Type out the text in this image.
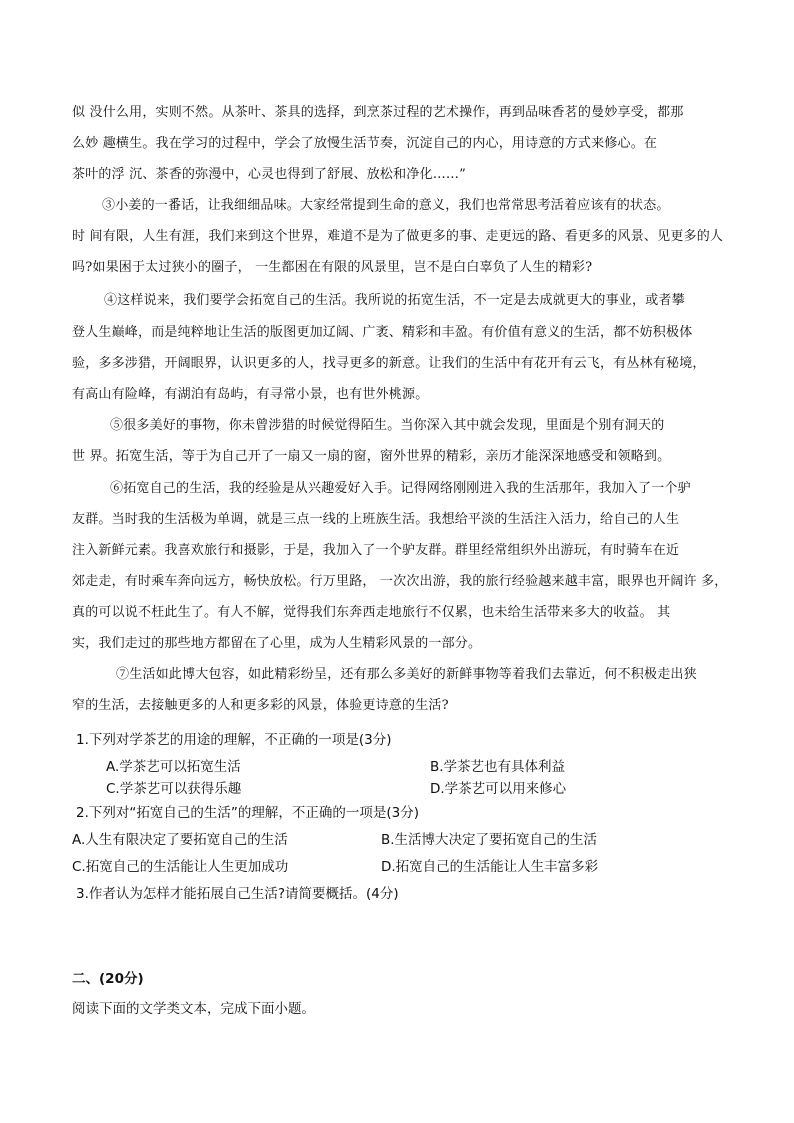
似 没什么用，实则不然。从茶叶、茶具的选择，到烹茶过程的艺术操作，再到品味香茗的曼妙享受，都那
么妙 趣横生。我在学习的过程中，学会了放慢生活节奏，沉淀自己的内心，用诗意的方式来修心。在
茶叶的浮 沉、茶香的弥漫中，心灵也得到了舒展、放松和净化……”
③小姜的一番话，让我细细品味。大家经常提到生命的意义，我们也常常思考活着应该有的状态。
时 间有限，人生有涯，我们来到这个世界，难道不是为了做更多的事、走更远的路、看更多的风景、见更多的人
吗?如果困于太过狭小的圈子， 一生都困在有限的风景里，岂不是白白辜负了人生的精彩?
④这样说来，我们要学会拓宽自己的生活。我所说的拓宽生活，不一定是去成就更大的事业，或者攀
登人生巅峰，而是纯粹地让生活的版图更加辽阔、广袤、精彩和丰盈。有价值有意义的生活，都不妨积极体
验，多多涉猎，开阔眼界，认识更多的人，找寻更多的新意。让我们的生活中有花开有云飞，有丛林有秘境，
有高山有险峰，有湖泊有岛屿，有寻常小景，也有世外桃源。
⑤很多美好的事物，你未曾涉猎的时候觉得陌生。当你深入其中就会发现，里面是个别有洞天的
世 界。拓宽生活，等于为自己开了一扇又一扇的窗，窗外世界的精彩，亲历才能深深地感受和领略到。
⑥拓宽自己的生活，我的经验是从兴趣爱好入手。记得网络刚刚进入我的生活那年，我加入了一个驴
友群。当时我的生活极为单调，就是三点一线的上班族生活。我想给平淡的生活注入活力，给自己的人生
注入新鲜元素。我喜欢旅行和摄影，于是，我加入了一个驴友群。群里经常组织外出游玩，有时骑车在近
郊走走，有时乘车奔向远方，畅快放松。行万里路， 一次次出游，我的旅行经验越来越丰富，眼界也开阔许 多，
真的可以说不枉此生了。有人不解，觉得我们东奔西走地旅行不仅累，也未给生活带来多大的收益。 其
实，我们走过的那些地方都留在了心里，成为人生精彩风景的一部分。
⑦生活如此博大包容，如此精彩纷呈，还有那么多美好的新鲜事物等着我们去靠近，何不积极走出狭
窄的生活，去接触更多的人和更多彩的风景，体验更诗意的生活?
1.下列对学茶艺的用途的理解，不正确的一项是(3分)
A.学茶艺可以拓宽生活	B.学茶艺也有具体利益
C.学茶艺可以获得乐趣	D.学茶艺可以用来修心
2.下列对“拓宽自己的生活”的理解，不正确的一项是(3分)
A.人生有限决定了要拓宽自己的生活	B.生活博大决定了要拓宽自己的生活
C.拓宽自己的生活能让人生更加成功	D.拓宽自己的生活能让人生丰富多彩
3.作者认为怎样才能拓展自己生活?请简要概括。(4分)
二、(20分)
阅读下面的文学类文本，完成下面小题。
